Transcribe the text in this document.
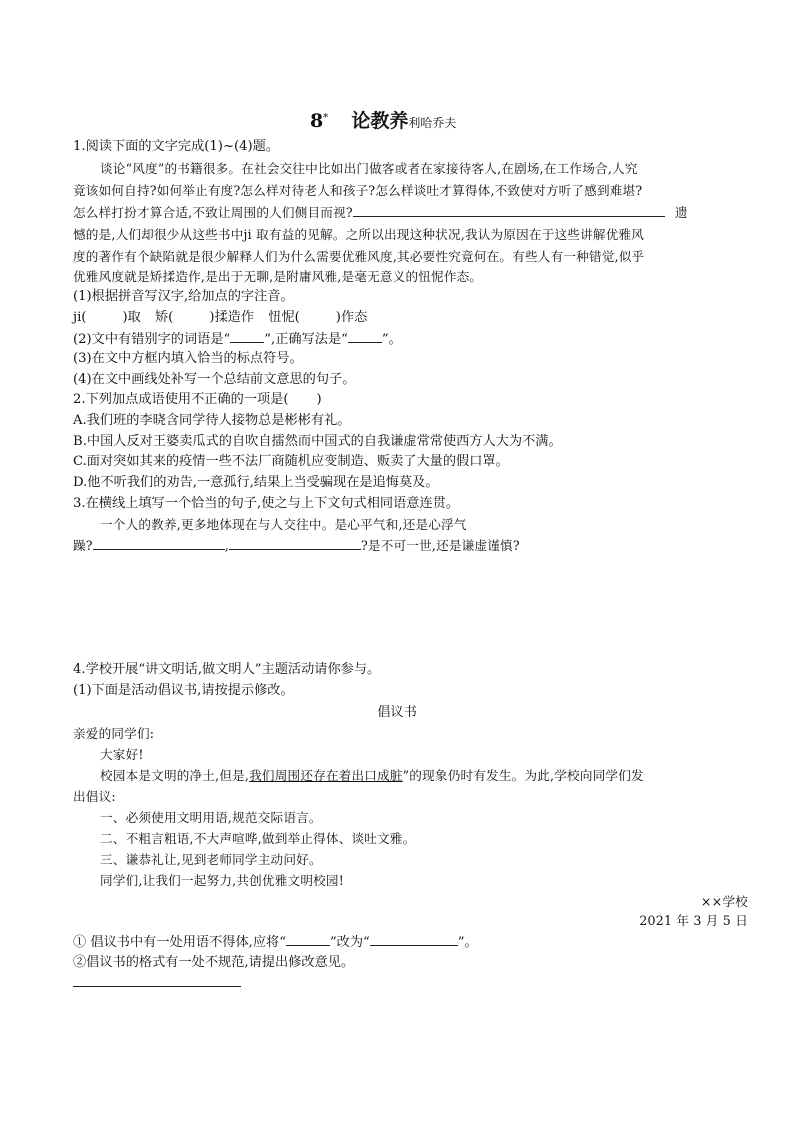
8* 论教养利哈乔夫
1.阅读下面的文字完成(1)~(4)题。
谈论“风度”的书籍很多。在社会交往中比如出门做客或者在家接待客人,在剧场,在工作场合,人究
竟该如何自持?如何举止有度?怎么样对待老人和孩子?怎么样谈吐才算得体,不致使对方听了感到难堪?
怎么样打扮才算合适,不致让周围的人们侧目而视?	遗
憾的是,人们却很少从这些书中ji 取有益的见解。之所以出现这种状况,我认为原因在于这些讲解优雅风
度的著作有个缺陷就是很少解释人们为什么需要优雅风度,其必要性究竟何在。有些人有一种错觉,似乎
优雅风度就是矫揉造作,是出于无聊,是附庸风雅,是毫无意义的忸怩作态。
(1)根据拼音写汉字,给加点的字注音。
ji(	)取 矫(	)揉造作 忸怩(	)作态
(2)文中有错别字的词语是“	”,正确写法是“	”。
(3)在文中方框内填入恰当的标点符号。
(4)在文中画线处补写一个总结前文意思的句子。
2.下列加点成语使用不正确的一项是( )
A.我们班的李晓含同学待人接物总是彬彬有礼。
B.中国人反对王婆卖瓜式的自吹自擂然而中国式的自我谦虚常常使西方人大为不满。
C.面对突如其来的疫情一些不法厂商随机应变制造、贩卖了大量的假口罩。
D.他不听我们的劝告,一意孤行,结果上当受骗现在是追悔莫及。
3.在横线上填写一个恰当的句子,使之与上下文句式相同语意连贯。
一个人的教养,更多地体现在与人交往中。是心平气和,还是心浮气
躁?	,	?是不可一世,还是谦虚谨慎?
4.学校开展“讲文明话,做文明人”主题活动请你参与。
(1)下面是活动倡议书,请按提示修改。
倡议书
亲爱的同学们:
大家好!
校园本是文明的净土,但是,我们周围还存在着出口成脏”的现象仍时有发生。为此,学校向同学们发
出倡议:
一、必须使用文明用语,规范交际语言。
二、不粗言粗语,不大声喧哗,做到举止得体、谈吐文雅。
三、谦恭礼让,见到老师同学主动问好。
同学们,让我们一起努力,共创优雅文明校园!
××学校
2021 年 3 月 5 日
① 倡议书中有一处用语不得体,应将“	”改为“	”。
②倡议书的格式有一处不规范,请提出修改意见。
